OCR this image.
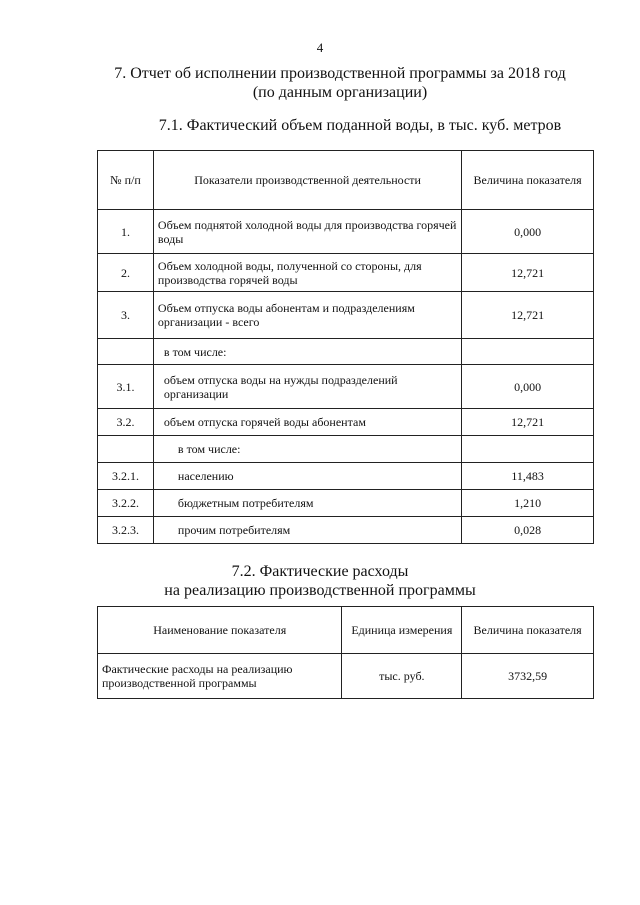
4
7. Отчет об исполнении производственной программы за 2018 год
(по данным организации)
7.1. Фактический объем поданной воды, в тыс. куб. метров
№ п/п	Показатели производственной деятельности	Величина показателя
1.	Объем поднятой холодной воды для производства горячей воды	0,000
2.	Объем холодной воды, полученной со стороны, для производства горячей воды	12,721
3.	Объем отпуска воды абонентам и подразделениям организации - всего	12,721
	в том числе:	
3.1.	объем отпуска воды на нужды подразделений организации	0,000
3.2.	объем отпуска горячей воды абонентам	12,721
	в том числе:	
3.2.1.	населению	11,483
3.2.2.	бюджетным потребителям	1,210
3.2.3.	прочим потребителям	0,028
7.2. Фактические расходы
на реализацию производственной программы
Наименование показателя	Единица измерения	Величина показателя
Фактические расходы на реализацию производственной программы	тыс. руб.	3732,59
